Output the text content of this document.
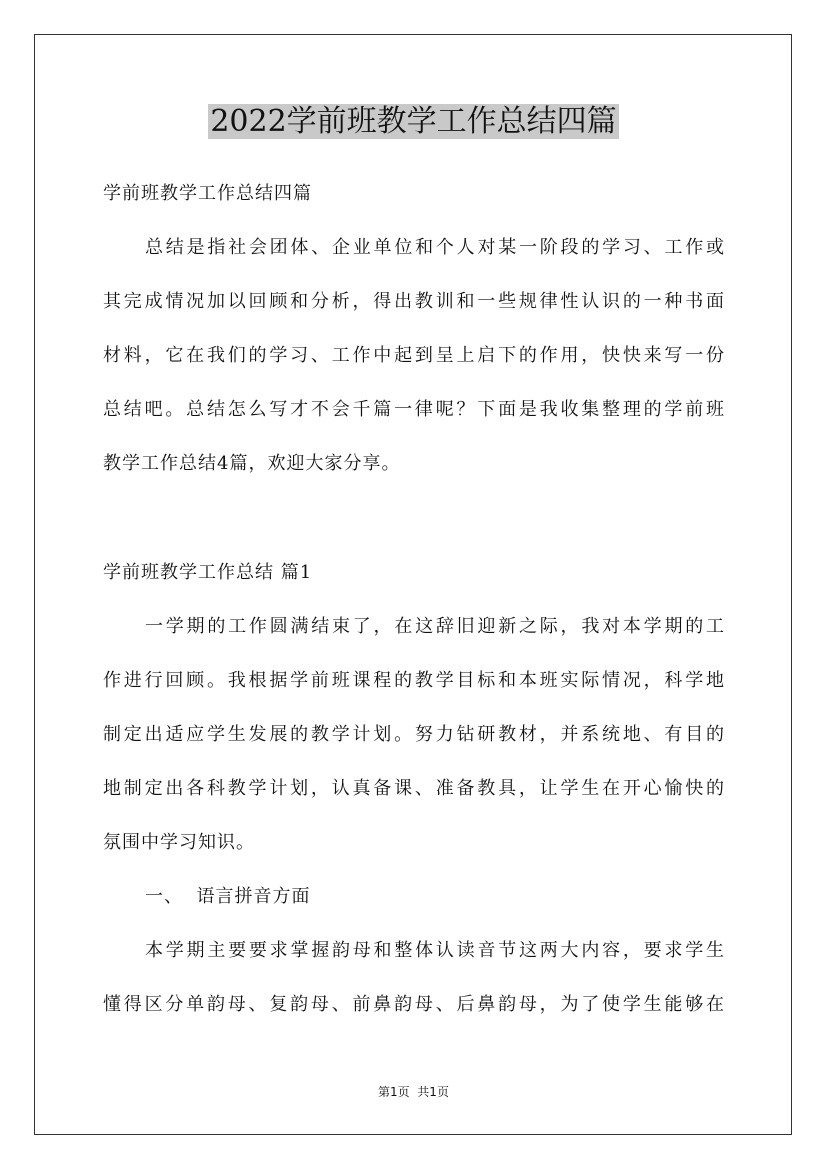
2022学前班教学工作总结四篇
学前班教学工作总结四篇
总结是指社会团体、企业单位和个人对某一阶段的学习、工作或
其完成情况加以回顾和分析，得出教训和一些规律性认识的一种书面
材料，它在我们的学习、工作中起到呈上启下的作用，快快来写一份
总结吧。总结怎么写才不会千篇一律呢？下面是我收集整理的学前班
教学工作总结4篇，欢迎大家分享。
学前班教学工作总结 篇1
一学期的工作圆满结束了，在这辞旧迎新之际，我对本学期的工
作进行回顾。我根据学前班课程的教学目标和本班实际情况，科学地
制定出适应学生发展的教学计划。努力钻研教材，并系统地、有目的
地制定出各科教学计划，认真备课、准备教具，让学生在开心愉快的
氛围中学习知识。
一、  语言拼音方面
本学期主要要求掌握韵母和整体认读音节这两大内容，要求学生
懂得区分单韵母、复韵母、前鼻韵母、后鼻韵母，为了使学生能够在
第1页  共1页
